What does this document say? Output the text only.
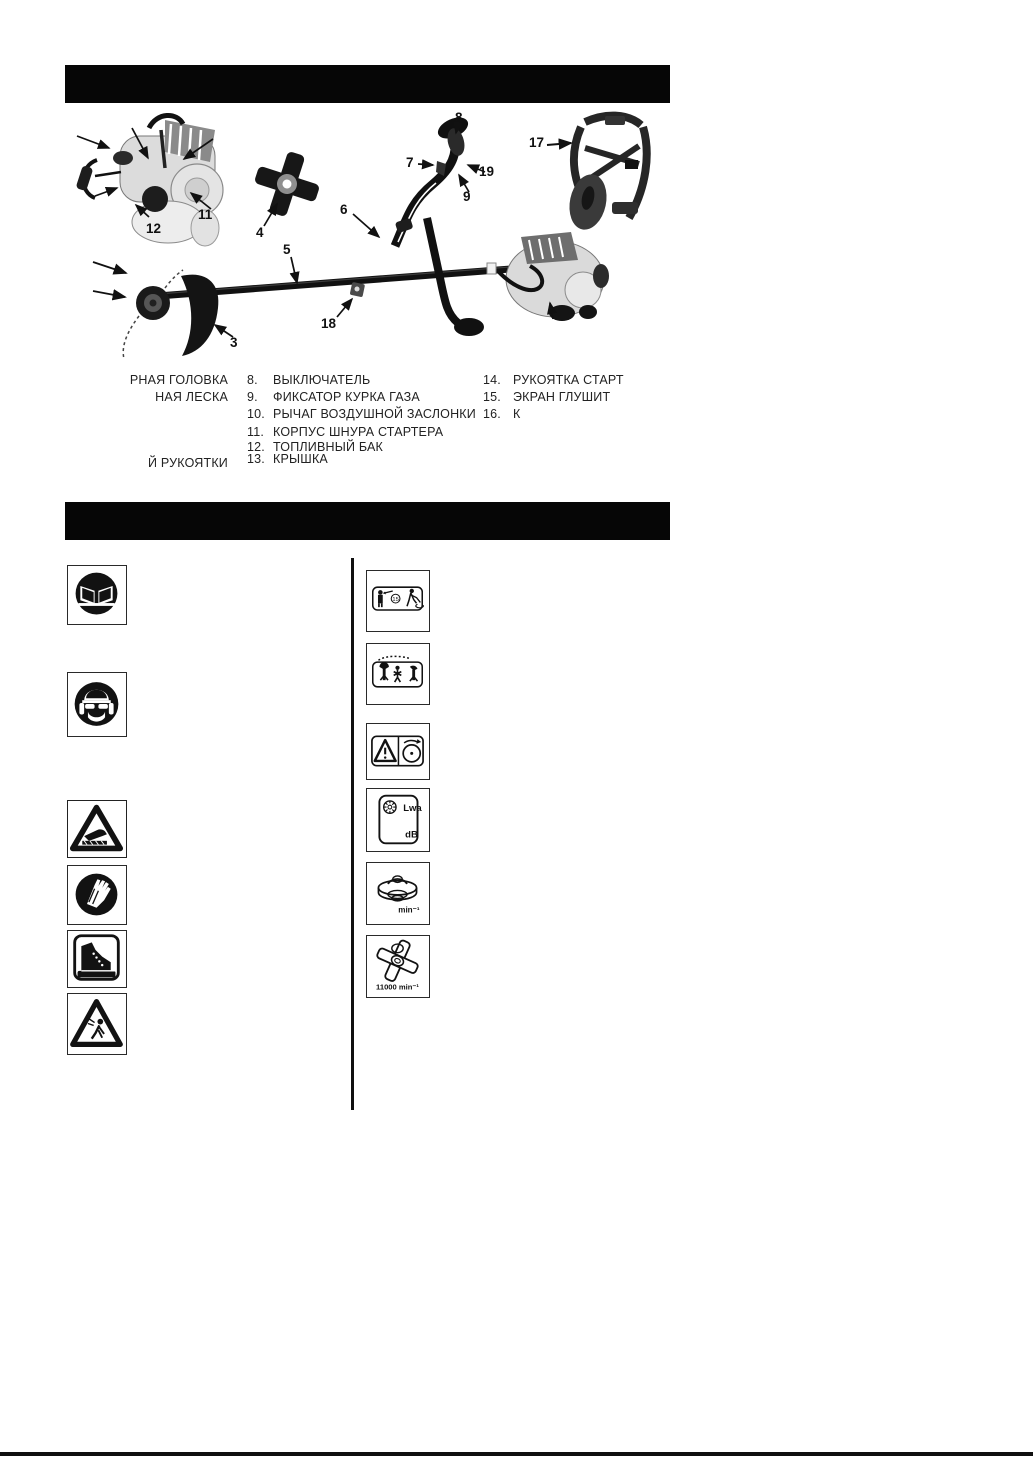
11
12	4
8
7
19
9
6
17
5
3
18
РНАЯ ГОЛОВКА
НАЯ ЛЕСКА
Й РУКОЯТКИ
8. ВЫКЛЮЧАТЕЛЬ
9. ФИКСАТОР КУРКА ГАЗА
10. РЫЧАГ ВОЗДУШНОЙ ЗАСЛОНКИ
11. КОРПУС ШНУРА СТАРТЕРА
12. ТОПЛИВНЫЙ БАК
13. КРЫШКА
14. РУКОЯТКА СТАРТ
15. ЭКРАН ГЛУШИТ
16. К
15
Lwa
dB
min⁻¹
11000 min⁻¹
